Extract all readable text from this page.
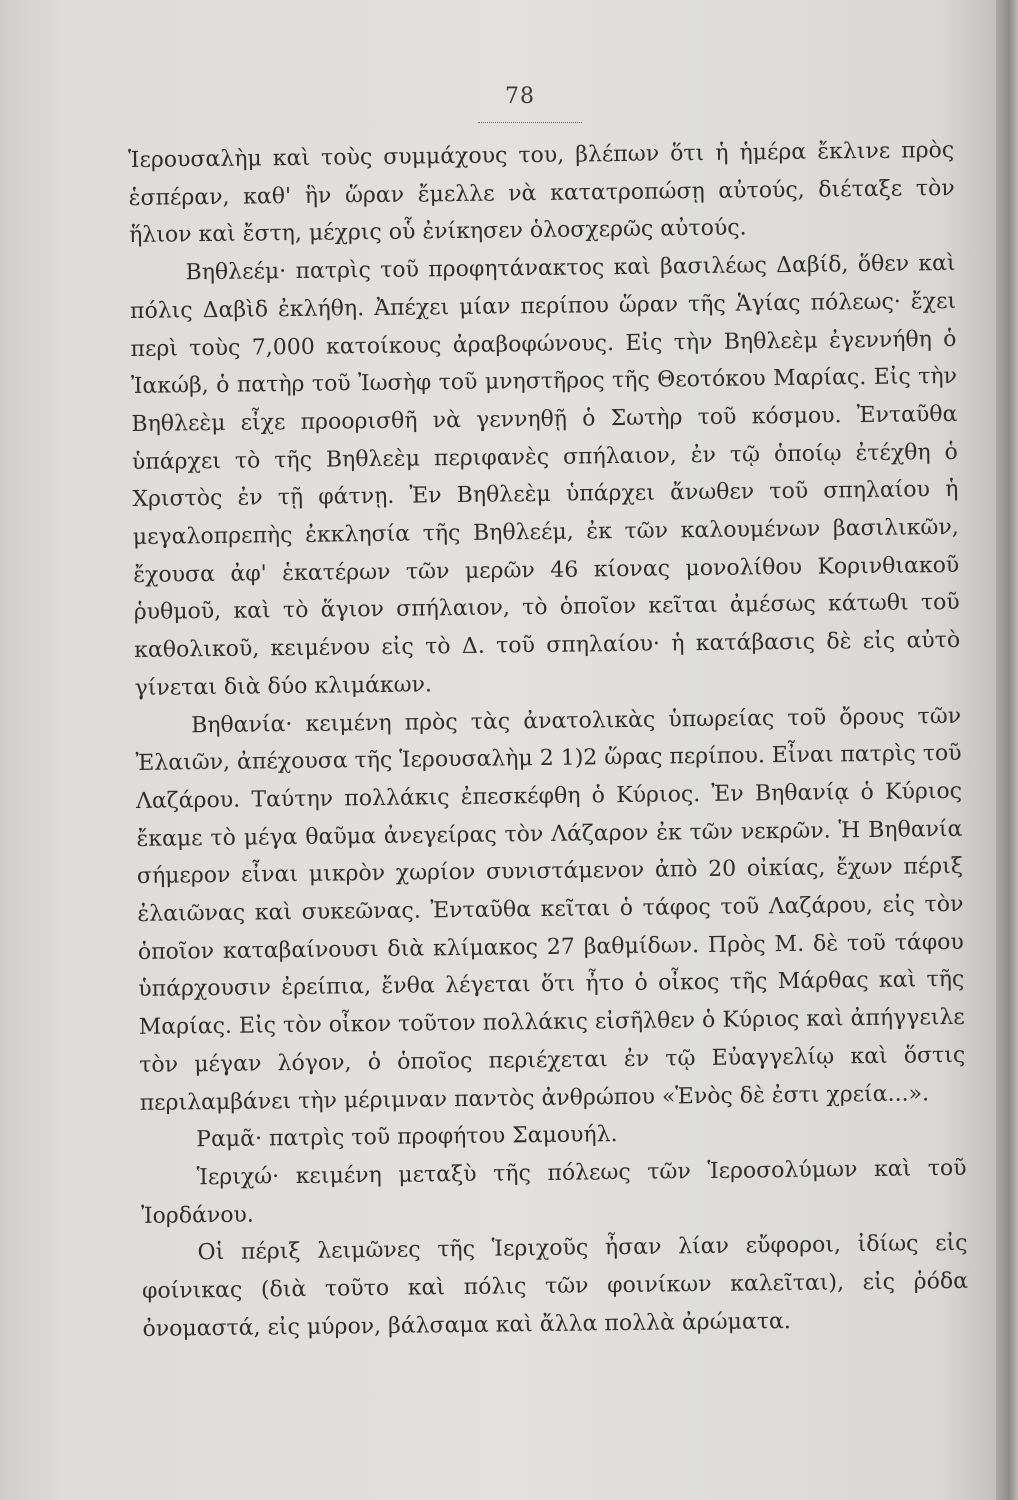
78

Ἱερουσαλὴμ καὶ τοὺς συμμάχους του, βλέπων ὅτι ἡ ἡμέρα ἔκλινε πρὸς ἑσπέραν, καθ' ἣν ὥραν ἔμελλε νὰ κατατροπώσῃ αὐτούς, διέταξε τὸν ἥλιον καὶ ἔστη, μέχρις οὗ ἐνίκησεν ὁλοσχερῶς αὐτούς.

Βηθλεέμ· πατρὶς τοῦ προφητάνακτος καὶ βασιλέως Δαβίδ, ὅθεν καὶ πόλις Δαβὶδ ἐκλήθη. Ἀπέχει μίαν περίπου ὥραν τῆς Ἁγίας πόλεως· ἔχει περὶ τοὺς 7,000 κατοίκους ἀραβοφώνους. Εἰς τὴν Βηθλεὲμ ἐγεννήθη ὁ Ἰακώβ, ὁ πατὴρ τοῦ Ἰωσὴφ τοῦ μνηστῆρος τῆς Θεοτόκου Μαρίας. Εἰς τὴν Βηθλεὲμ εἶχε προορισθῆ νὰ γεννηθῇ ὁ Σωτὴρ τοῦ κόσμου. Ἐνταῦθα ὑπάρχει τὸ τῆς Βηθλεὲμ περιφανὲς σπήλαιον, ἐν τῷ ὁποίῳ ἐτέχθη ὁ Χριστὸς ἐν τῇ φάτνῃ. Ἐν Βηθλεὲμ ὑπάρχει ἄνωθεν τοῦ σπηλαίου ἡ μεγαλοπρεπὴς ἐκκλησία τῆς Βηθλεέμ, ἐκ τῶν καλουμένων βασιλικῶν, ἔχουσα ἀφ' ἑκατέρων τῶν μερῶν 46 κίονας μονολίθου Κορινθιακοῦ ῥυθμοῦ, καὶ τὸ ἅγιον σπήλαιον, τὸ ὁποῖον κεῖται ἀμέσως κάτωθι τοῦ καθολικοῦ, κειμένου εἰς τὸ Δ. τοῦ σπηλαίου· ἡ κατάβασις δὲ εἰς αὐτὸ γίνεται διὰ δύο κλιμάκων.

Βηθανία· κειμένη πρὸς τὰς ἀνατολικὰς ὑπωρείας τοῦ ὄρους τῶν Ἐλαιῶν, ἀπέχουσα τῆς Ἱερουσαλὴμ 2 1)2 ὥρας περίπου. Εἶναι πατρὶς τοῦ Λαζάρου. Ταύτην πολλάκις ἐπεσκέφθη ὁ Κύριος. Ἐν Βηθανίᾳ ὁ Κύριος ἔκαμε τὸ μέγα θαῦμα ἀνεγείρας τὸν Λάζαρον ἐκ τῶν νεκρῶν. Ἡ Βηθανία σήμερον εἶναι μικρὸν χωρίον συνιστάμενον ἀπὸ 20 οἰκίας, ἔχων πέριξ ἐλαιῶνας καὶ συκεῶνας. Ἐνταῦθα κεῖται ὁ τάφος τοῦ Λαζάρου, εἰς τὸν ὁποῖον καταβαίνουσι διὰ κλίμακος 27 βαθμίδων. Πρὸς Μ. δὲ τοῦ τάφου ὑπάρχουσιν ἐρείπια, ἔνθα λέγεται ὅτι ἦτο ὁ οἶκος τῆς Μάρθας καὶ τῆς Μαρίας. Εἰς τὸν οἶκον τοῦτον πολλάκις εἰσῆλθεν ὁ Κύριος καὶ ἀπήγγειλε τὸν μέγαν λόγον, ὁ ὁποῖος περιέχεται ἐν τῷ Εὐαγγελίῳ καὶ ὅστις περιλαμβάνει τὴν μέριμναν παντὸς ἀνθρώπου «Ἑνὸς δὲ ἐστι χρεία...».

Ραμᾶ· πατρὶς τοῦ προφήτου Σαμουήλ.

Ἱεριχώ· κειμένη μεταξὺ τῆς πόλεως τῶν Ἱεροσολύμων καὶ τοῦ Ἰορδάνου.

Οἱ πέριξ λειμῶνες τῆς Ἱεριχοῦς ἦσαν λίαν εὔφοροι, ἰδίως εἰς φοίνικας (διὰ τοῦτο καὶ πόλις τῶν φοινίκων καλεῖται), εἰς ῥόδα ὀνομαστά, εἰς μύρον, βάλσαμα καὶ ἄλλα πολλὰ ἀρώματα.
